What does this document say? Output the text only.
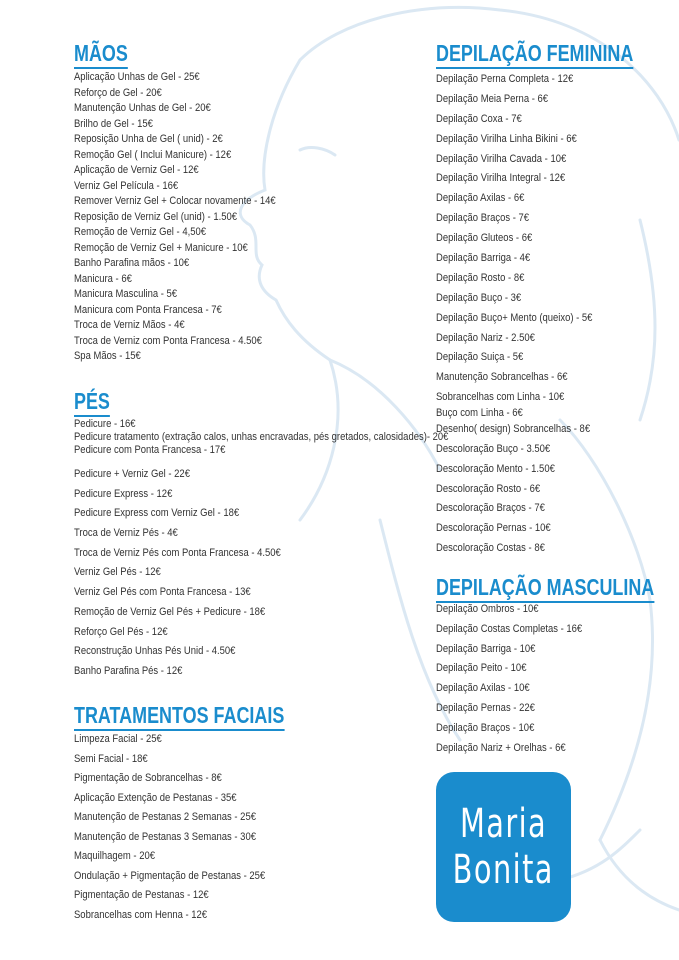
MÃOS
Aplicação Unhas de Gel - 25€
Reforço de Gel - 20€
Manutenção Unhas de Gel - 20€
Brilho de Gel - 15€
Reposição Unha de Gel ( unid) - 2€
Remoção Gel ( Inclui Manicure) - 12€
Aplicação de Verniz Gel - 12€
Verniz Gel Película - 16€
Remover Verniz Gel + Colocar novamente - 14€
Reposição de Verniz Gel (unid) - 1.50€
Remoção de Verniz Gel - 4,50€
Remoção de Verniz Gel + Manicure - 10€
Banho Parafina mãos - 10€
Manicura - 6€
Manicura Masculina - 5€
Manicura com Ponta Francesa - 7€
Troca de Verniz Mãos - 4€
Troca de Verniz com Ponta Francesa - 4.50€
Spa Mãos - 15€
PÉS
Pedicure - 16€
Pedicure tratamento (extração calos, unhas encravadas, pés gretados, calosidades)- 20€
Pedicure com Ponta Francesa - 17€
Pedicure + Verniz Gel - 22€
Pedicure Express - 12€
Pedicure Express com Verniz Gel - 18€
Troca de Verniz Pés - 4€
Troca de Verniz Pés com Ponta Francesa - 4.50€
Verniz Gel Pés - 12€
Verniz Gel Pés com Ponta Francesa - 13€
Remoção de Verniz Gel Pés + Pedicure - 18€
Reforço Gel Pés - 12€
Reconstrução Unhas Pés Unid - 4.50€
Banho Parafina Pés - 12€
TRATAMENTOS FACIAIS
Limpeza Facial - 25€
Semi Facial - 18€
Pigmentação de Sobrancelhas - 8€
Aplicação Extenção de Pestanas - 35€
Manutenção de Pestanas 2 Semanas - 25€
Manutenção de Pestanas 3 Semanas - 30€
Maquilhagem - 20€
Ondulação + Pigmentação de Pestanas - 25€
Pigmentação de Pestanas - 12€
Sobrancelhas com Henna - 12€
DEPILAÇÃO FEMININA
Depilação Perna Completa - 12€
Depilação Meia Perna - 6€
Depilação Coxa - 7€
Depilação Virilha Linha Bikini - 6€
Depilação Virilha Cavada - 10€
Depilação Virilha Integral - 12€
Depilação Axilas - 6€
Depilação Braços - 7€
Depilação Gluteos - 6€
Depilação Barriga - 4€
Depilação Rosto - 8€
Depilação Buço - 3€
Depilação Buço+ Mento (queixo) - 5€
Depilação Nariz - 2.50€
Depilação Suiça - 5€
Manutenção Sobrancelhas - 6€
Sobrancelhas com Linha - 10€
Buço com Linha - 6€
Desenho( design) Sobrancelhas - 8€
Descoloração Buço - 3.50€
Descoloração Mento - 1.50€
Descoloração Rosto - 6€
Descoloração Braços - 7€
Descoloração Pernas - 10€
Descoloração Costas - 8€
DEPILAÇÃO MASCULINA
Depilação Ombros - 10€
Depilação Costas Completas - 16€
Depilação Barriga - 10€
Depilação Peito - 10€
Depilação Axilas - 10€
Depilação Pernas - 22€
Depilação Braços - 10€
Depilação Nariz + Orelhas - 6€
Maria
Bonita
